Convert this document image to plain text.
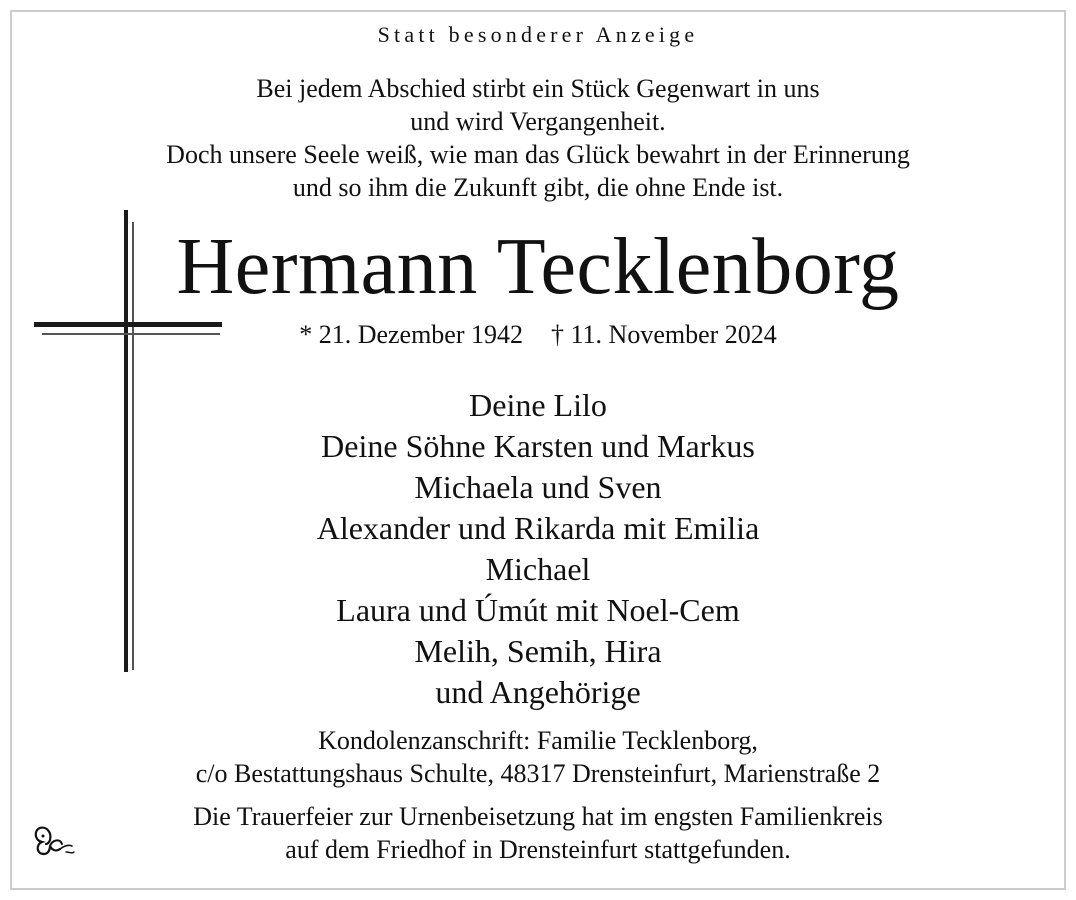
Statt besonderer Anzeige
Bei jedem Abschied stirbt ein Stück Gegenwart in uns
und wird Vergangenheit.
Doch unsere Seele weiß, wie man das Glück bewahrt in der Erinnerung
und so ihm die Zukunft gibt, die ohne Ende ist.
Hermann Tecklenborg
* 21. Dezember 1942 † 11. November 2024
Deine Lilo
Deine Söhne Karsten und Markus
Michaela und Sven
Alexander und Rikarda mit Emilia
Michael
Laura und Úmút mit Noel-Cem
Melih, Semih, Hira
und Angehörige
Kondolenzanschrift: Familie Tecklenborg,
c/o Bestattungshaus Schulte, 48317 Drensteinfurt, Marienstraße 2
Die Trauerfeier zur Urnenbeisetzung hat im engsten Familienkreis
auf dem Friedhof in Drensteinfurt stattgefunden.
